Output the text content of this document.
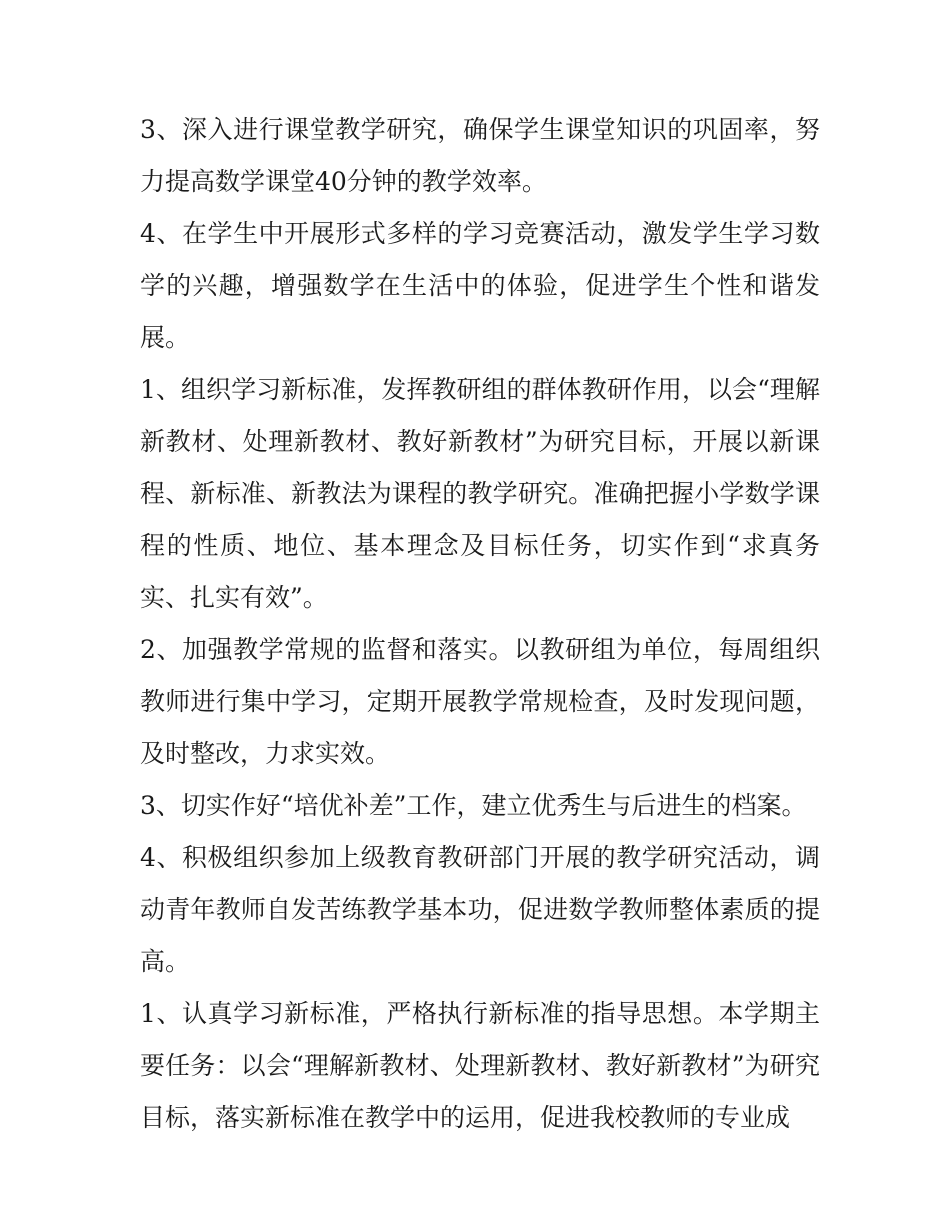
3、深入进行课堂教学研究，确保学生课堂知识的巩固率，努力提高数学课堂40分钟的教学效率。

4、在学生中开展形式多样的学习竞赛活动，激发学生学习数学的兴趣，增强数学在生活中的体验，促进学生个性和谐发展。

1、组织学习新标准，发挥教研组的群体教研作用，以会“理解新教材、处理新教材、教好新教材”为研究目标，开展以新课程、新标准、新教法为课程的教学研究。准确把握小学数学课程的性质、地位、基本理念及目标任务，切实作到“求真务实、扎实有效”。

2、加强教学常规的监督和落实。以教研组为单位，每周组织教师进行集中学习，定期开展教学常规检查，及时发现问题，及时整改，力求实效。

3、切实作好“培优补差”工作，建立优秀生与后进生的档案。

4、积极组织参加上级教育教研部门开展的教学研究活动，调动青年教师自发苦练教学基本功，促进数学教师整体素质的提高。

1、认真学习新标准，严格执行新标准的指导思想。本学期主要任务：以会“理解新教材、处理新教材、教好新教材”为研究目标，落实新标准在教学中的运用，促进我校教师的专业成
